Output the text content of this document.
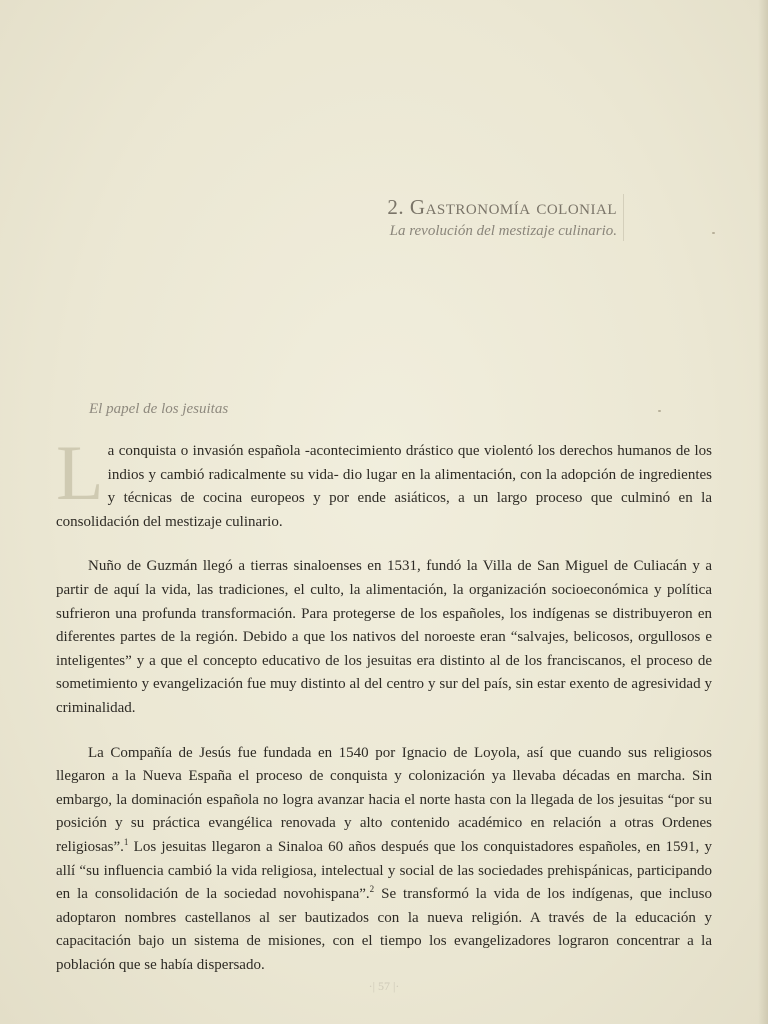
2. Gastronomía colonial
La revolución del mestizaje culinario.
El papel de los jesuitas

La conquista o invasión española -acontecimiento drástico que violentó los derechos humanos de los indios y cambió radicalmente su vida- dio lugar en la alimentación, con la adopción de ingredientes y técnicas de cocina europeos y por ende asiáticos, a un largo proceso que culminó en la consolidación del mestizaje culinario.

Nuño de Guzmán llegó a tierras sinaloenses en 1531, fundó la Villa de San Miguel de Culiacán y a partir de aquí la vida, las tradiciones, el culto, la alimentación, la organización socioeconómica y política sufrieron una profunda transformación. Para protegerse de los españoles, los indígenas se distribuyeron en diferentes partes de la región. Debido a que los nativos del noroeste eran “salvajes, belicosos, orgullosos e inteligentes” y a que el concepto educativo de los jesuitas era distinto al de los franciscanos, el proceso de sometimiento y evangelización fue muy distinto al del centro y sur del país, sin estar exento de agresividad y criminalidad.

La Compañía de Jesús fue fundada en 1540 por Ignacio de Loyola, así que cuando sus religiosos llegaron a la Nueva España el proceso de conquista y colonización ya llevaba décadas en marcha. Sin embargo, la dominación española no logra avanzar hacia el norte hasta con la llegada de los jesuitas “por su posición y su práctica evangélica renovada y alto contenido académico en relación a otras Ordenes religiosas”.$^1$ Los jesuitas llegaron a Sinaloa 60 años después que los conquistadores españoles, en 1591, y allí “su influencia cambió la vida religiosa, intelectual y social de las sociedades prehispánicas, participando en la consolidación de la sociedad novohispana”.$^2$ Se transformó la vida de los indígenas, que incluso adoptaron nombres castellanos al ser bautizados con la nueva religión. A través de la educación y capacitación bajo un sistema de misiones, con el tiempo los evangelizadores lograron concentrar a la población que se había dispersado.

·| 57 |·
